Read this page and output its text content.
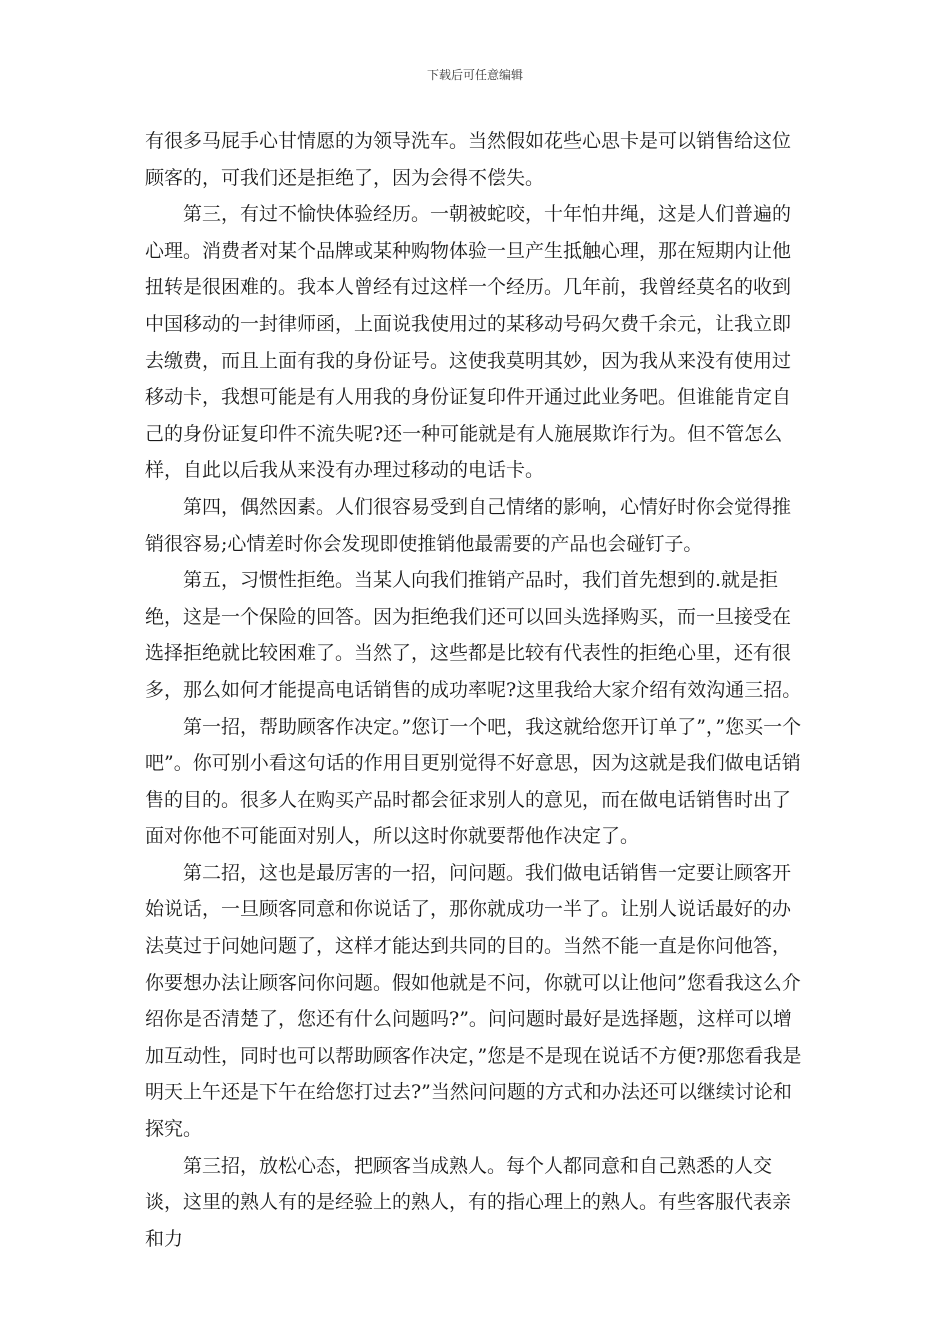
下载后可任意编辑

有很多马屁手心甘情愿的为领导洗车。当然假如花些心思卡是可以销售给这位顾客的，可我们还是拒绝了，因为会得不偿失。

第三，有过不愉快体验经历。一朝被蛇咬，十年怕井绳，这是人们普遍的心理。消费者对某个品牌或某种购物体验一旦产生抵触心理，那在短期内让他扭转是很困难的。我本人曾经有过这样一个经历。几年前，我曾经莫名的收到中国移动的一封律师函，上面说我使用过的某移动号码欠费千余元，让我立即去缴费，而且上面有我的身份证号。这使我莫明其妙，因为我从来没有使用过移动卡，我想可能是有人用我的身份证复印件开通过此业务吧。但谁能肯定自己的身份证复印件不流失呢?还一种可能就是有人施展欺诈行为。但不管怎么样，自此以后我从来没有办理过移动的电话卡。

第四，偶然因素。人们很容易受到自己情绪的影响，心情好时你会觉得推销很容易;心情差时你会发现即使推销他最需要的产品也会碰钉子。

第五，习惯性拒绝。当某人向我们推销产品时，我们首先想到的.就是拒绝，这是一个保险的回答。因为拒绝我们还可以回头选择购买，而一旦接受在选择拒绝就比较困难了。当然了，这些都是比较有代表性的拒绝心里，还有很多，那么如何才能提高电话销售的成功率呢?这里我给大家介绍有效沟通三招。

第一招，帮助顾客作决定。”您订一个吧，我这就给您开订单了”，”您买一个吧”。你可别小看这句话的作用目更别觉得不好意思，因为这就是我们做电话销售的目的。很多人在购买产品时都会征求别人的意见，而在做电话销售时出了面对你他不可能面对别人，所以这时你就要帮他作决定了。

第二招，这也是最厉害的一招，问问题。我们做电话销售一定要让顾客开始说话，一旦顾客同意和你说话了，那你就成功一半了。让别人说话最好的办法莫过于问她问题了，这样才能达到共同的目的。当然不能一直是你问他答，你要想办法让顾客问你问题。假如他就是不问，你就可以让他问”您看我这么介绍你是否清楚了，您还有什么问题吗?”。问问题时最好是选择题，这样可以增加互动性，同时也可以帮助顾客作决定，”您是不是现在说话不方便?那您看我是明天上午还是下午在给您打过去?”当然问问题的方式和办法还可以继续讨论和探究。

第三招，放松心态，把顾客当成熟人。每个人都同意和自己熟悉的人交谈，这里的熟人有的是经验上的熟人，有的指心理上的熟人。有些客服代表亲和力
